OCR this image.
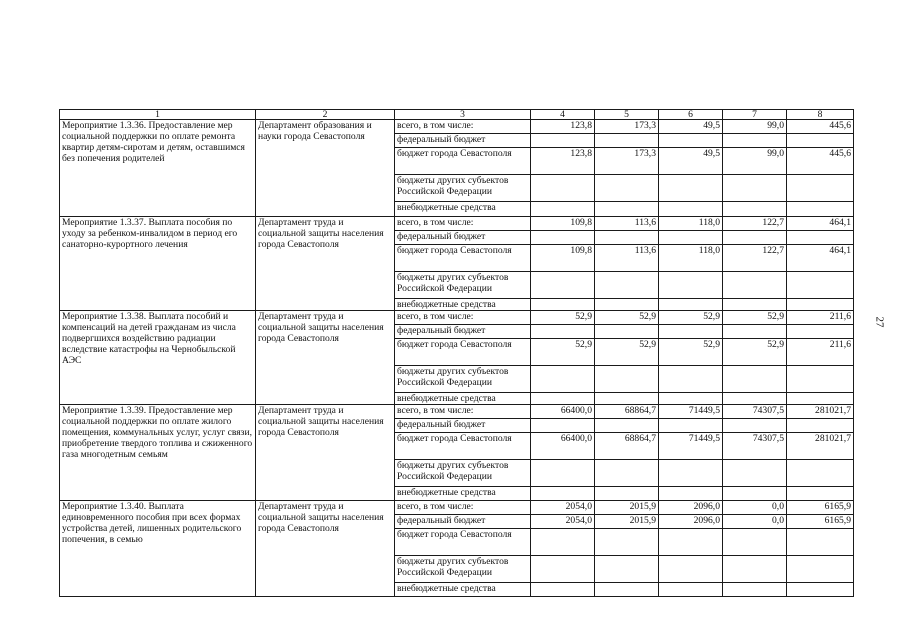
1	2	3	4	5	6	7	8
Мероприятие 1.3.36. Предоставление мер социальной поддержки по оплате ремонта квартир детям-сиротам и детям, оставшимся без попечения родителей	Департамент образования и науки города Севастополя	всего, в том числе:	123,8	173,3	49,5	99,0	445,6
		федеральный бюджет					
		бюджет города Севастополя	123,8	173,3	49,5	99,0	445,6
		бюджеты других субъектов Российской Федерации					
		внебюджетные средства					
Мероприятие 1.3.37. Выплата пособия по уходу за ребенком-инвалидом в период его санаторно-курортного лечения	Департамент труда и социальной защиты населения города Севастополя	всего, в том числе:	109,8	113,6	118,0	122,7	464,1
		федеральный бюджет					
		бюджет города Севастополя	109,8	113,6	118,0	122,7	464,1
		бюджеты других субъектов Российской Федерации					
		внебюджетные средства					
Мероприятие 1.3.38. Выплата пособий и компенсаций на детей гражданам из числа подвергшихся воздействию радиации вследствие катастрофы на Чернобыльской АЭС	Департамент труда и социальной защиты населения города Севастополя	всего, в том числе:	52,9	52,9	52,9	52,9	211,6
		федеральный бюджет					
		бюджет города Севастополя	52,9	52,9	52,9	52,9	211,6
		бюджеты других субъектов Российской Федерации					
		внебюджетные средства					
Мероприятие 1.3.39. Предоставление мер социальной поддержки по оплате жилого помещения, коммунальных услуг, услуг связи, приобретение твердого топлива и сжиженного газа многодетным семьям	Департамент труда и социальной защиты населения города Севастополя	всего, в том числе:	66400,0	68864,7	71449,5	74307,5	281021,7
		федеральный бюджет					
		бюджет города Севастополя	66400,0	68864,7	71449,5	74307,5	281021,7
		бюджеты других субъектов Российской Федерации					
		внебюджетные средства					
Мероприятие 1.3.40. Выплата единовременного пособия при всех формах устройства детей, лишенных родительского попечения, в семью	Департамент труда и социальной защиты населения города Севастополя	всего, в том числе:	2054,0	2015,9	2096,0	0,0	6165,9
		федеральный бюджет	2054,0	2015,9	2096,0	0,0	6165,9
		бюджет города Севастополя					
		бюджеты других субъектов Российской Федерации					
		внебюджетные средства					
27
